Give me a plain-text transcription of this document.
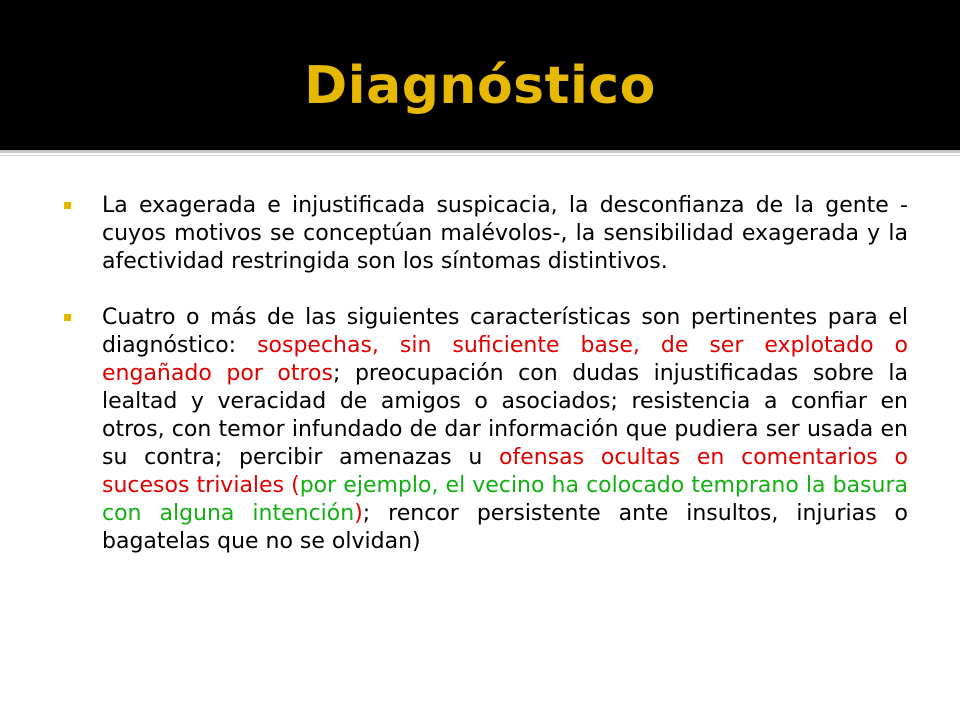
Diagnóstico
La exagerada e injustificada suspicacia, la desconfianza de la gente -cuyos motivos se conceptúan malévolos-, la sensibilidad exagerada y la afectividad restringida son los síntomas distintivos.
Cuatro o más de las siguientes características son pertinentes para el diagnóstico: sospechas, sin suficiente base, de ser explotado o engañado por otros; preocupación con dudas injustificadas sobre la lealtad y veracidad de amigos o asociados; resistencia a confiar en otros, con temor infundado de dar información que pudiera ser usada en su contra; percibir amenazas u ofensas ocultas en comentarios o sucesos triviales (por ejemplo, el vecino ha colocado temprano la basura con alguna intención); rencor persistente ante insultos, injurias o bagatelas que no se olvidan)
